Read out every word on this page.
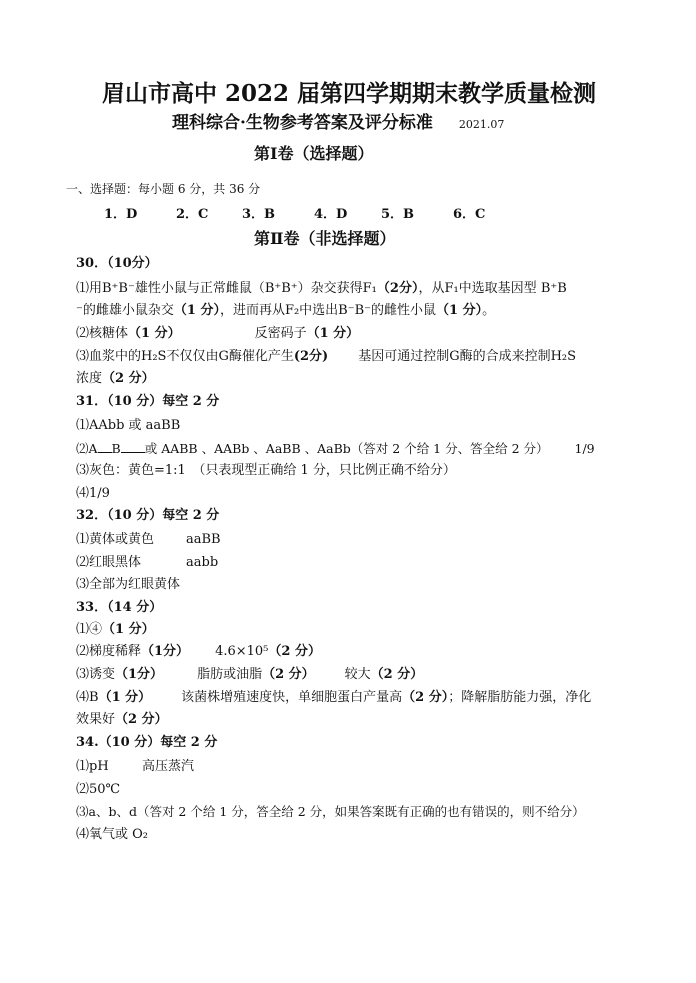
眉山市高中 2022 届第四学期期末教学质量检测
理科综合·生物参考答案及评分标准 2021.07
第Ⅰ卷（选择题）
一、选择题：每小题 6 分，共 36 分
1．D	2．C	3．B	4．D	5．B	6．C
第Ⅱ卷（非选择题）
30．（10分）
⑴用B⁺B⁻雄性小鼠与正常雌鼠（B⁺B⁺）杂交获得F₁（2分），从F₁中选取基因型 B⁺B
⁻的雌雄小鼠杂交（1 分），进而再从F₂中选出B⁻B⁻的雌性小鼠（1 分）。
⑵核糖体（1 分）	反密码子（1 分）
⑶血浆中的H₂S不仅仅由G酶催化产生(2分) 基因可通过控制G酶的合成来控制H₂S
浓度（2 分）
31．（10 分）每空 2 分
⑴AAbb 或 aaBB
⑵A B 或 AABB 、AABb 、AaBB 、AaBb（答对 2 个给 1 分、答全给 2 分） 1/9
⑶灰色：黄色=1:1　（只表现型正确给 1 分，只比例正确不给分）
⑷1/9
32．（10 分）每空 2 分
⑴黄体或黄色 aaBB
⑵红眼黑体	aabb
⑶全部为红眼黄体
33．（14 分）
⑴④（1 分）
⑵梯度稀释（1分） 4.6×10⁵（2 分）
⑶诱变（1分）	脂肪或油脂（2 分） 较大（2 分）
⑷B（1 分） 该菌株增殖速度快，单细胞蛋白产量高（2 分）；降解脂肪能力强，净化
效果好（2 分）
34.（10 分）每空 2 分
⑴pH	高压蒸汽
⑵50℃
⑶a、b、d（答对 2 个给 1 分，答全给 2 分，如果答案既有正确的也有错误的，则不给分）
⑷氧气或 O₂
